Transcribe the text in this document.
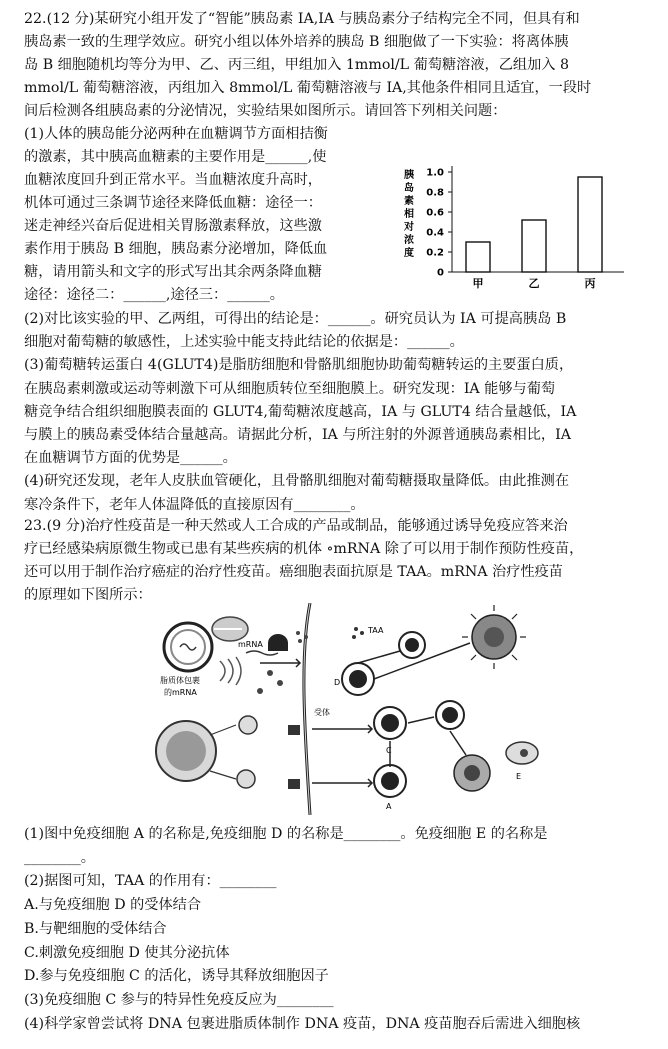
22.(12 分)某研究小组开发了“智能”胰岛素 IA,IA 与胰岛素分子结构完全不同，但具有和
胰岛素一致的生理学效应。研究小组以体外培养的胰岛 B 细胞做了一下实验：将离体胰
岛 B 细胞随机均等分为甲、乙、丙三组，甲组加入 1mmol/L 葡萄糖溶液，乙组加入 8
mmol/L 葡萄糖溶液，丙组加入 8mmol/L 葡萄糖溶液与 IA,其他条件相同且适宜，一段时
间后检测各组胰岛素的分泌情况，实验结果如图所示。请回答下列相关问题：
(1)人体的胰岛能分泌两种在血糖调节方面相拮衡
的激素，其中胰高血糖素的主要作用是______,使
血糖浓度回升到正常水平。当血糖浓度升高时，
机体可通过三条调节途径来降低血糖：途径一：
迷走神经兴奋后促进相关胃肠激素释放，这些激
素作用于胰岛 B 细胞，胰岛素分泌增加，降低血
糖，请用箭头和文字的形式写出其余两条降血糖
途径：途径二：______,途径三：______。
胰
岛
素
相
对
浓
度
0
0.2
0.4
0.6
0.8
1.0
甲	乙	丙
(2)对比该实验的甲、乙两组，可得出的结论是：______。研究员认为 IA 可提高胰岛 B
细胞对葡萄糖的敏感性，上述实验中能支持此结论的依据是：______。
(3)葡萄糖转运蛋白 4(GLUT4)是脂肪细胞和骨骼肌细胞协助葡萄糖转运的主要蛋白质，
在胰岛素刺激或运动等刺激下可从细胞质转位至细胞膜上。研究发现：IA 能够与葡萄
糖竞争结合组织细胞膜表面的 GLUT4,葡萄糖浓度越高，IA 与 GLUT4 结合量越低，IA
与膜上的胰岛素受体结合量越高。请据此分析，IA 与所注射的外源普通胰岛素相比，IA
在血糖调节方面的优势是______。
(4)研究还发现，老年人皮肤血管硬化，且骨骼肌细胞对葡萄糖摄取量降低。由此推测在
寒冷条件下，老年人体温降低的直接原因有________。
23.(9 分)治疗性疫苗是一种天然或人工合成的产品或制品，能够通过诱导免疫应答来治
疗已经感染病原微生物或已患有某些疾病的机体 ∘mRNA 除了可以用于制作预防性疫苗，
还可以用于制作治疗癌症的治疗性疫苗。癌细胞表面抗原是 TAA。mRNA 治疗性疫苗
的原理如下图所示：
脂质体包裹
的mRNA
mRNA
受体
TAA
D
C
A
E
(1)图中免疫细胞 A 的名称是,免疫细胞 D 的名称是________。免疫细胞 E 的名称是
________。
(2)据图可知，TAA 的作用有：________
A.与免疫细胞 D 的受体结合
B.与靶细胞的受体结合
C.刺激免疫细胞 D 使其分泌抗体
D.参与免疫细胞 C 的活化，诱导其释放细胞因子
(3)免疫细胞 C 参与的特异性免疫反应为________
(4)科学家曾尝试将 DNA 包裹进脂质体制作 DNA 疫苗，DNA 疫苗胞吞后需进入细胞核
